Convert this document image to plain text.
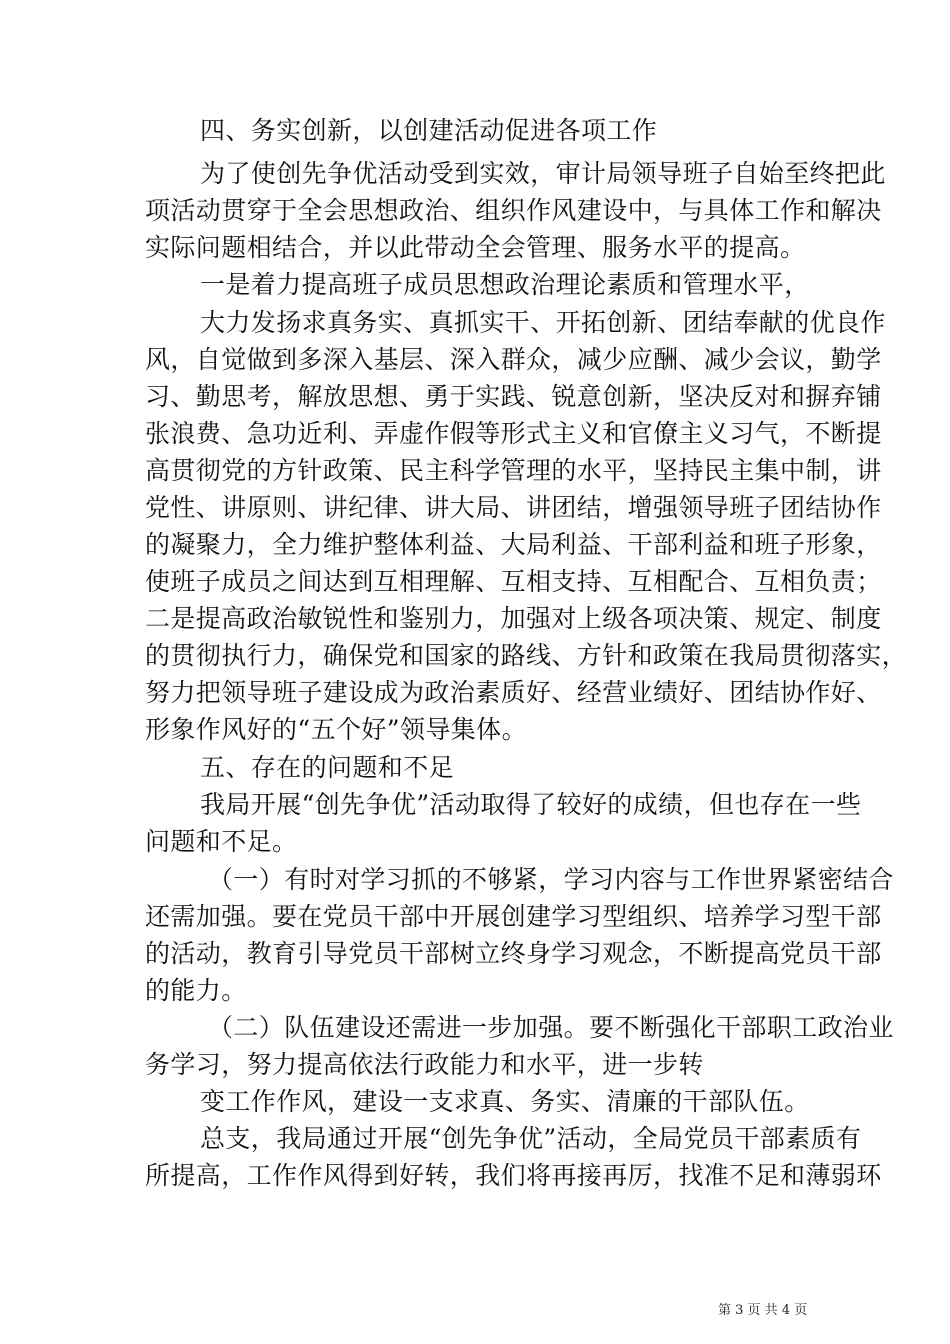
四、务实创新，以创建活动促进各项工作
为了使创先争优活动受到实效，审计局领导班子自始至终把此
项活动贯穿于全会思想政治、组织作风建设中，与具体工作和解决
实际问题相结合，并以此带动全会管理、服务水平的提高。
一是着力提高班子成员思想政治理论素质和管理水平，
大力发扬求真务实、真抓实干、开拓创新、团结奉献的优良作
风，自觉做到多深入基层、深入群众，减少应酬、减少会议，勤学
习、勤思考，解放思想、勇于实践、锐意创新，坚决反对和摒弃铺
张浪费、急功近利、弄虚作假等形式主义和官僚主义习气，不断提
高贯彻党的方针政策、民主科学管理的水平，坚持民主集中制，讲
党性、讲原则、讲纪律、讲大局、讲团结，增强领导班子团结协作
的凝聚力，全力维护整体利益、大局利益、干部利益和班子形象，
使班子成员之间达到互相理解、互相支持、互相配合、互相负责；
二是提高政治敏锐性和鉴别力，加强对上级各项决策、规定、制度
的贯彻执行力，确保党和国家的路线、方针和政策在我局贯彻落实，
努力把领导班子建设成为政治素质好、经营业绩好、团结协作好、
形象作风好的“五个好”领导集体。
五、存在的问题和不足
我局开展“创先争优”活动取得了较好的成绩，但也存在一些
问题和不足。
（一）有时对学习抓的不够紧，学习内容与工作世界紧密结合
还需加强。要在党员干部中开展创建学习型组织、培养学习型干部
的活动，教育引导党员干部树立终身学习观念，不断提高党员干部
的能力。
（二）队伍建设还需进一步加强。要不断强化干部职工政治业
务学习，努力提高依法行政能力和水平，进一步转
变工作作风，建设一支求真、务实、清廉的干部队伍。
总支，我局通过开展“创先争优”活动，全局党员干部素质有
所提高，工作作风得到好转，我们将再接再厉，找准不足和薄弱环
第 3 页 共 4 页
